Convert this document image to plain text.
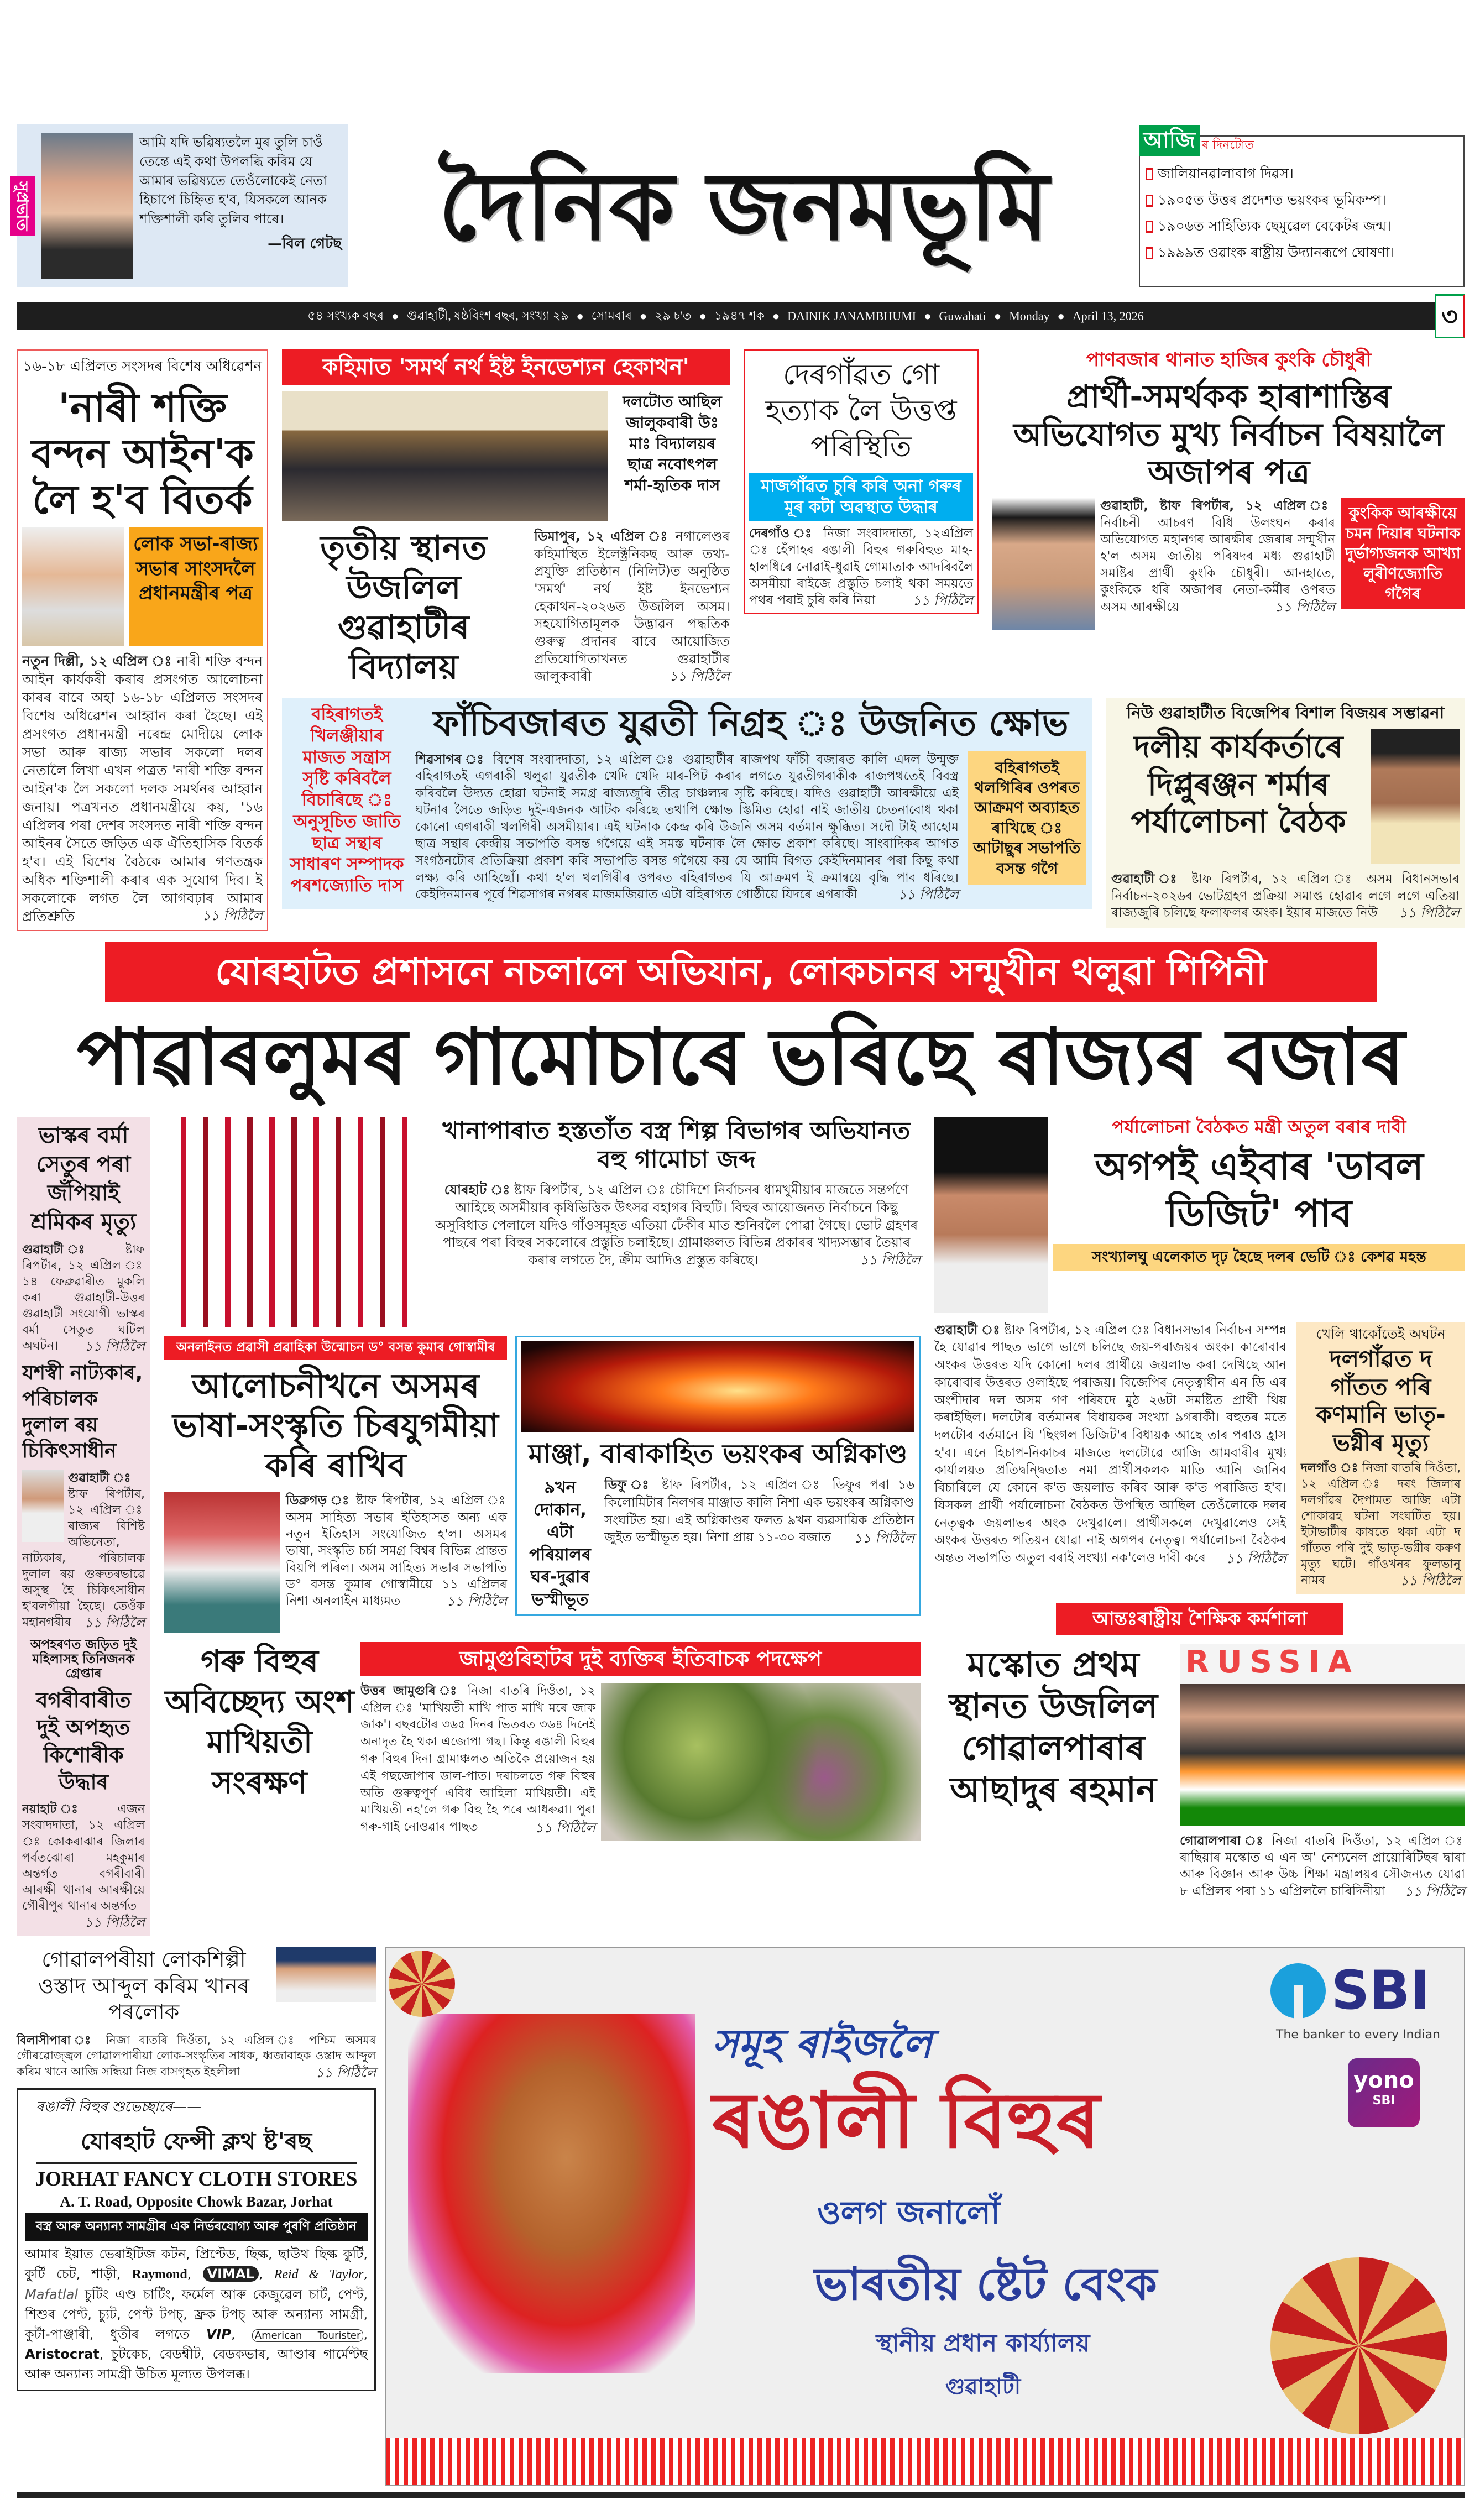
সুপ্ৰভাত
আমি যদি ভৱিষ্যতলৈ মুৰ তুলি চাওঁ তেন্তে এই কথা উপলব্ধি কৰিম যে আমাৰ ভৱিষ্যতে তেওঁলোকেই নেতা হিচাপে চিহ্নিত হ'ব, যিসকলে আনক শক্তিশালী কৰি তুলিব পাৰে।
—বিল গেটছ	দৈনিক জনমভূমি
আজি ৰ দিনটোত
জালিয়ানৱালাবাগ দিৱস।
১৯০৫ত উত্তৰ প্ৰদেশত ভয়ংকৰ ভূমিকম্প।
১৯০৬ত সাহিত্যিক ছেমুৱেল বেকেটৰ জন্ম।
১৯৯৯ত ওৱাংক ৰাষ্ট্ৰীয় উদ্যানৰূপে ঘোষণা।
৫৪ সংখ্যক বছৰ ● গুৱাহাটী, ষষ্ঠবিংশ বছৰ, সংখ্যা ২৯ ● সোমবাৰ ● ২৯ চ'ত ● ১৯৪৭ শক ● DAINIK JANAMBHUMI ● Guwahati ● Monday ● April 13, 2026	৩
১৬-১৮ এপ্ৰিলত সংসদৰ বিশেষ অধিৱেশন
'নাৰী শক্তি বন্দন আইন'ক লৈ হ'ব বিতৰ্ক
লোক সভা-ৰাজ্য সভাৰ সাংসদলৈ প্ৰধানমন্ত্ৰীৰ পত্ৰ
নতুন দিল্লী, ১২ এপ্ৰিল ঃ নাৰী শক্তি বন্দন আইন কাৰ্যকৰী কৰাৰ প্ৰসংগত আলোচনা কাৰৰ বাবে অহা ১৬-১৮ এপ্ৰিলত সংসদৰ বিশেষ অধিৱেশন আহ্বান কৰা হৈছে। এই প্ৰসংগত প্ৰধানমন্ত্ৰী নৰেন্দ্ৰ মোদীয়ে লোক সভা আৰু ৰাজ্য সভাৰ সকলো দলৰ নেতালৈ লিখা এখন পত্ৰত 'নাৰী শক্তি বন্দন আইন'ক লৈ সকলো দলক সমৰ্থনৰ আহ্বান জনায়। পত্ৰখনত প্ৰধানমন্ত্ৰীয়ে কয়, '১৬ এপ্ৰিলৰ পৰা দেশৰ সংসদত নাৰী শক্তি বন্দন আইনৰ সৈতে জড়িত এক ঐতিহাসিক বিতৰ্ক হ'ব। এই বিশেষ বৈঠকে আমাৰ গণতন্ত্ৰক অধিক শক্তিশালী কৰাৰ এক সুযোগ দিব। ই সকলোকে লগত লৈ আগবঢ়াৰ আমাৰ প্ৰতিশ্ৰুতি	১১ পিঠিলৈ
কহিমাত 'সমৰ্থ নৰ্থ ইষ্ট ইনভেশ্যন হেকাথন'
দলটোত আছিল জালুকবাৰী উঃ মাঃ বিদ্যালয়ৰ ছাত্ৰ নবোৎপল শৰ্মা-হৃতিক দাস
তৃতীয় স্থানত উজলিল গুৱাহাটীৰ বিদ্যালয়
ডিমাপুৰ, ১২ এপ্ৰিল ঃ নগালেণ্ডৰ কহিমাস্থিত ইলেক্ট্ৰনিকছ আৰু তথ্য-প্ৰযুক্তি প্ৰতিষ্ঠান (নিলিট)ত অনুষ্ঠিত 'সমৰ্থ' নৰ্থ ইষ্ট ইনভেশ্যন হেকাথন-২০২৬ত উজলিল অসম। সহযোগিতামূলক উদ্ভাৱন পদ্ধতিক গুৰুত্ব প্ৰদানৰ বাবে আয়োজিত প্ৰতিযোগিতাখনত গুৱাহাটীৰ জালুকবাৰী	১১ পিঠিলৈ
দেৰগাঁৱত গো হত্যাক লৈ উত্তপ্ত পৰিস্থিতি
মাজগাঁৱত চুৰি কৰি অনা গৰুৰ মূৰ কটা অৱস্থাত উদ্ধাৰ
দেৰগাঁও ঃ নিজা সংবাদদাতা, ১২এপ্ৰিল ঃ হেঁপাহৰ ৰঙালী বিহুৰ গৰুবিহুত মাহ-হালধিৰে নোৱাই-ধুৱাই গোমাতাক আদৰিবলৈ অসমীয়া ৰাইজে প্ৰস্তুতি চলাই থকা সময়তে পথৰ পৰাই চুৰি কৰি নিয়া	১১ পিঠিলৈ
পাণবজাৰ থানাত হাজিৰ কুংকি চৌধুৰী
প্ৰাৰ্থী-সমৰ্থকক হাৰাশাস্তিৰ অভিযোগত মুখ্য নিৰ্বাচন বিষয়ালৈ অজাপৰ পত্ৰ
গুৱাহাটী, ষ্টাফ ৰিপৰ্টাৰ, ১২ এপ্ৰিল ঃ নিৰ্বাচনী আচৰণ বিধি উলংঘন কৰাৰ অভিযোগত মহানগৰ আৰক্ষীৰ জেৰাৰ সন্মুখীন হ'ল অসম জাতীয় পৰিষদৰ মধ্য গুৱাহাটী সমষ্টিৰ প্ৰাৰ্থী কুংকি চৌধুৰী। আনহাতে, কুংকিকে ধৰি অজাপৰ নেতা-কৰ্মীৰ ওপৰত অসম আৰক্ষীয়ে	১১ পিঠিলৈ
কুংকিক আৰক্ষীয়ে চমন দিয়াৰ ঘটনাক দুৰ্ভাগ্যজনক আখ্যা লুৰীণজ্যোতি গগৈৰ
বহিৰাগতই খিলঞ্জীয়াৰ মাজত সন্ত্ৰাস সৃষ্টি কৰিবলৈ বিচাৰিছে ঃ অনুসূচিত জাতি ছাত্ৰ সন্থাৰ সাধাৰণ সম্পাদক পৰশজ্যোতি দাস
ফাঁচিবজাৰত যুৱতী নিগ্ৰহ ঃ উজনিত ক্ষোভ
শিৱসাগৰ ঃ বিশেষ সংবাদদাতা, ১২ এপ্ৰিল ঃ গুৱাহাটীৰ ৰাজপথ ফাঁচী বজাৰত কালি এদল উন্মুক্ত বহিৰাগতই এগৰাকী থলুৱা যুৱতীক খেদি খেদি মাৰ-পিট কৰাৰ লগতে যুৱতীগৰাকীক ৰাজপথতেই বিবস্ত্ৰ কৰিবলৈ উদ্যত হোৱা ঘটনাই সমগ্ৰ ৰাজ্যজুৰি তীব্ৰ চাঞ্চল্যৰ সৃষ্টি কৰিছে। যদিও গুৱাহাটী আৰক্ষীয়ে এই ঘটনাৰ সৈতে জড়িত দুই-এজনক আটক কৰিছে তথাপি ক্ষোভ স্তিমিত হোৱা নাই জাতীয় চেতনাবোধ থকা কোনো এগৰাকী থলগিৰী অসমীয়াৰ। এই ঘটনাক কেন্দ্ৰ কৰি উজনি অসম বৰ্তমান ক্ষুব্ধিত। সদৌ টাই আহোম ছাত্ৰ সন্থাৰ কেন্দ্ৰীয় সভাপতি বসন্ত গগৈয়ে এই সমস্ত ঘটনাক লৈ ক্ষোভ প্ৰকাশ কৰিছে। সাংবাদিকৰ আগত সংগঠনটোৰ প্ৰতিক্ৰিয়া প্ৰকাশ কৰি সভাপতি বসন্ত গগৈয়ে কয় যে আমি বিগত কেইদিনমানৰ পৰা কিছু কথা লক্ষ্য কৰি আহিছোঁ। কথা হ'ল থলগিৰীৰ ওপৰত বহিৰাগতৰ যি আক্ৰমণ ই ক্ৰমান্বয়ে বৃদ্ধি পাব ধৰিছে। কেইদিনমানৰ পূৰ্বে শিৱসাগৰ নগৰৰ মাজমজিয়াত এটা বহিৰাগত গোষ্ঠীয়ে যিদৰে এগৰাকী	১১ পিঠিলৈ
বহিৰাগতই থলগিৰিৰ ওপৰত আক্ৰমণ অব্যাহত ৰাখিছে ঃ আটাছুৰ সভাপতি বসন্ত গগৈ
নিউ গুৱাহাটীত বিজেপিৰ বিশাল বিজয়ৰ সম্ভাৱনা
দলীয় কাৰ্যকৰ্তাৰে দিপ্লুৰঞ্জন শৰ্মাৰ পৰ্যালোচনা বৈঠক
গুৱাহাটী ঃ ষ্টাফ ৰিপৰ্টাৰ, ১২ এপ্ৰিল ঃ অসম বিধানসভাৰ নিৰ্বাচন-২০২৬ৰ ভোটগ্ৰহণ প্ৰক্ৰিয়া সমাপ্ত হোৱাৰ লগে লগে এতিয়া ৰাজ্যজুৰি চলিছে ফলাফলৰ অংক। ইয়াৰ মাজতে নিউ ১১ পিঠিলৈ
যোৰহাটত প্ৰশাসনে নচলালে অভিযান, লোকচানৰ সন্মুখীন থলুৱা শিপিনী
পাৱাৰলুমৰ গামোচাৰে ভৰিছে ৰাজ্যৰ বজাৰ
ভাস্কৰ বৰ্মা সেতুৰ পৰা জঁপিয়াই শ্ৰমিকৰ মৃত্যু
গুৱাহাটী ঃ ষ্টাফ ৰিপৰ্টাৰ, ১২ এপ্ৰিল ঃ ১৪ ফেব্ৰুৱাৰীত মুকলি কৰা গুৱাহাটী-উত্তৰ গুৱাহাটী সংযোগী ভাস্কৰ বৰ্মা সেতুত ঘটিল অঘটন। ১১ পিঠিলৈ
যশস্বী নাট্যকাৰ, পৰিচালক দুলাল ৰয় চিকিৎসাধীন
গুৱাহাটী ঃ ষ্টাফ ৰিপৰ্টাৰ, ১২ এপ্ৰিল ঃ ৰাজ্যৰ বিশিষ্ট অভিনেতা, নাট্যকাৰ, পৰিচালক দুলাল ৰয় গুৰুতৰভাৱে অসুস্থ হৈ চিকিৎসাধীন হ'বলগীয়া হৈছে। তেওঁক মহানগৰীৰ ১১ পিঠিলৈ
অপহৰণত জড়িত দুই মহিলাসহ তিনিজনক গ্ৰেপ্তাৰ
বগৰীবাৰীত দুই অপহৃত কিশোৰীক উদ্ধাৰ
নয়াহাট ঃ এজন সংবাদদাতা, ১২ এপ্ৰিল ঃ কোকৰাঝাৰ জিলাৰ পৰ্বতঝোৰা মহকুমাৰ অন্তৰ্গত বগৰীবাৰী আৰক্ষী থানাৰ আৰক্ষীয়ে গৌৰীপুৰ থানাৰ অন্তৰ্গত
১১ পিঠিলৈ
খানাপাৰাত হস্ততাঁত বস্ত্ৰ শিল্প বিভাগৰ অভিযানত বহু গামোচা জব্দ
যোৰহাট ঃ ষ্টাফ ৰিপৰ্টাৰ, ১২ এপ্ৰিল ঃ চৌদিশে নিৰ্বাচনৰ ধামখুমীয়াৰ মাজতে সন্তৰ্পণে আহিছে অসমীয়াৰ কৃষিভিত্তিক উৎসৱ বহাগৰ বিহুটি। বিহুৰ আয়োজনত নিৰ্বাচনে কিছু অসুবিধাত পেলালে যদিও গাঁওসমূহত এতিয়া ঢেঁকীৰ মাত শুনিবলৈ পোৱা গৈছে। ভোট গ্ৰহণৰ পাছৰে পৰা বিহুৰ সকলোৰে প্ৰস্তুতি চলাইছে। গ্ৰামাঞ্চলত বিভিন্ন প্ৰকাৰৰ খাদ্যসম্ভাৰ তৈয়াৰ কৰাৰ লগতে দৈ, ক্ৰীম আদিও প্ৰস্তুত কৰিছে।	১১ পিঠিলৈ
অনলাইনত প্ৰৱাসী প্ৰৱাহিকা উন্মোচন ড° বসন্ত কুমাৰ গোস্বামীৰ
আলোচনীখনে অসমৰ ভাষা-সংস্কৃতি চিৰযুগমীয়া কৰি ৰাখিব
ডিব্ৰুগড় ঃ ষ্টাফ ৰিপৰ্টাৰ, ১২ এপ্ৰিল ঃ অসম সাহিত্য সভাৰ ইতিহাসত অন্য এক নতুন ইতিহাস সংযোজিত হ'ল। অসমৰ ভাষা, সংস্কৃতি চৰ্চা সমগ্ৰ বিশ্বৰ বিভিন্ন প্ৰান্তত বিয়পি পৰিল। অসম সাহিত্য সভাৰ সভাপতি ড° বসন্ত কুমাৰ গোস্বামীয়ে ১১ এপ্ৰিলৰ নিশা অনলাইন মাধ্যমত	১১ পিঠিলৈ
মাঞ্জা, বাৰাকাহিত ভয়ংকৰ অগ্নিকাণ্ড
৯খন দোকান, এটা পৰিয়ালৰ ঘৰ-দুৱাৰ ভস্মীভূত
ডিফু ঃ ষ্টাফ ৰিপৰ্টাৰ, ১২ এপ্ৰিল ঃ ডিফুৰ পৰা ১৬ কিলোমিটাৰ নিলগৰ মাঞ্জাত কালি নিশা এক ভয়ংকৰ অগ্নিকাণ্ড সংঘটিত হয়। এই অগ্নিকাণ্ডৰ ফলত ৯খন ব্যৱসায়িক প্ৰতিষ্ঠান জুইত ভস্মীভূত হয়। নিশা প্ৰায় ১১-৩০ বজাত ১১ পিঠিলৈ
গৰু বিহুৰ অবিচ্ছেদ্য অংশ মাখিয়তী সংৰক্ষণ
জামুগুৰিহাটৰ দুই ব্যক্তিৰ ইতিবাচক পদক্ষেপ
উত্তৰ জামুগুৰি ঃ নিজা বাতৰি দিওঁতা, ১২ এপ্ৰিল ঃ 'মাখিয়তী মাখি পাত মাখি মৰে জাক জাক'। বছৰটোৰ ৩৬৫ দিনৰ ভিতৰত ৩৬৪ দিনেই অনাদৃত হৈ থকা এজোপা গছ। কিন্তু ৰঙালী বিহুৰ গৰু বিহুৰ দিনা গ্ৰামাঞ্চলত অতিকৈ প্ৰয়োজন হয় এই গছজোপাৰ ডাল-পাত। দৰাচলতে গৰু বিহুৰ অতি গুৰুত্বপূৰ্ণ এবিধ আহিলা মাখিয়তী। এই মাখিয়তী নহ'লে গৰু বিহু হৈ পৰে আধৰুৱা। পুৰা গৰু-গাই নোওৱাৰ পাছত	১১ পিঠিলৈ
পৰ্যালোচনা বৈঠকত মন্ত্ৰী অতুল বৰাৰ দাবী
অগপই এইবাৰ 'ডাবল ডিজিট' পাব
সংখ্যালঘু এলেকাত দৃঢ় হৈছে দলৰ ভেটি ঃ কেশৱ মহন্ত
গুৱাহাটী ঃ ষ্টাফ ৰিপৰ্টাৰ, ১২ এপ্ৰিল ঃ বিধানসভাৰ নিৰ্বাচন সম্পন্ন হৈ যোৱাৰ পাছত ভাগে ভাগে চলিছে জয়-পৰাজয়ৰ অংক। কাৰোবাৰ অংকৰ উত্তৰত যদি কোনো দলৰ প্ৰাৰ্থীয়ে জয়লাভ কৰা দেখিছে আন কাৰোবাৰ উত্তৰত ওলাইছে পৰাজয়। বিজেপিৰ নেতৃত্বাধীন এন ডি এৰ অংশীদাৰ দল অসম গণ পৰিষদে মুঠ ২৬টা সমষ্টিত প্ৰাৰ্থী থিয় কৰাইছিল। দলটোৰ বৰ্তমানৰ বিধায়কৰ সংখ্যা ৯গৰাকী। বহুতৰ মতে দলটোৰ বৰ্তমানে যি 'ছিংগল ডিজিট'ৰ বিধায়ক আছে তাৰ পৰাও হ্ৰাস হ'ব। এনে হিচাপ-নিকাচৰ মাজতে দলটোৱে আজি আমবাৰীৰ মুখ্য কাৰ্যালয়ত প্ৰতিদ্বন্দ্বিতাত নমা প্ৰাৰ্থীসকলক মাতি আনি জানিব বিচাৰিলে যে কোনে ক'ত জয়লাভ কৰিব আৰু ক'ত পৰাজিত হ'ব। যিসকল প্ৰাৰ্থী পৰ্যালোচনা বৈঠকত উপস্থিত আছিল তেওঁলোকে দলৰ নেতৃত্বক জয়লাভৰ অংক দেখুৱালে। প্ৰাৰ্থীসকলে দেখুৱালেও সেই অংকৰ উত্তৰত পতিয়ন যোৱা নাই অগপৰ নেতৃত্ব। পৰ্যালোচনা বৈঠকৰ অন্তত সভাপতি অতুল বৰাই সংখ্যা নক'লেও দাবী কৰে ১১ পিঠিলৈ
খেলি থাকোঁতেই অঘটন
দলগাঁৱত দ গাঁতত পৰি কণমানি ভাতৃ-ভগ্নীৰ মৃত্যু
দলগাঁও ঃ নিজা বাতৰি দিওঁতা, ১২ এপ্ৰিল ঃ দৰং জিলাৰ দলগাঁৱৰ দৈপামত আজি এটা শোকাৱহ ঘটনা সংঘটিত হয়। ইটাভাটীৰ কাষতে থকা এটা দ গাঁতত পৰি দুই ভাতৃ-ভগ্নীৰ কৰুণ মৃত্যু ঘটে। গাঁওখনৰ ফুলভানু নামৰ	১১ পিঠিলৈ
আন্তঃৰাষ্ট্ৰীয় শৈক্ষিক কৰ্মশালা
মস্কোত প্ৰথম স্থানত উজলিল গোৱালপাৰাৰ আছাদুৰ ৰহমান
RUSSIA
গোৱালপাৰা ঃ নিজা বাতৰি দিওঁতা, ১২ এপ্ৰিল ঃ ৰাছিয়াৰ মস্কোত এ এন অ' নেশ্যনেল প্ৰায়োৰিটিছৰ দ্বাৰা আৰু বিজ্ঞান আৰু উচ্চ শিক্ষা মন্ত্ৰালয়ৰ সৌজন্যত যোৱা ৮ এপ্ৰিলৰ পৰা ১১ এপ্ৰিললৈ চাৰিদিনীয়া ১১ পিঠিলৈ
গোৱালপৰীয়া লোকশিল্পী ওস্তাদ আব্দুল কৰিম খানৰ পৰলোক
বিলাসীপাৰা ঃ নিজা বাতৰি দিওঁতা, ১২ এপ্ৰিল ঃ পশ্চিম অসমৰ গৌৰৱোজ্জ্বল গোৱালপাৰীয়া লোক-সংস্কৃতিৰ সাধক, ধ্বজাবাহক ওস্তাদ আব্দুল কৰিম খানে আজি সন্ধিয়া নিজ বাসগৃহত ইহলীলা	১১ পিঠিলৈ
ৰঙালী বিহুৰ শুভেচ্ছাৰে——
যোৰহাট ফেন্সী ক্লথ ষ্ট'ৰছ
JORHAT FANCY CLOTH STORES
A. T. Road, Opposite Chowk Bazar, Jorhat
বস্ত্ৰ আৰু অন্যান্য সামগ্ৰীৰ এক নিৰ্ভৰযোগ্য আৰু পুৰণি প্ৰতিষ্ঠান
আমাৰ ইয়াত ভেৰাইটিজ কটন, প্ৰিণ্টেড, ছিল্ক, ছাউথ ছিল্ক কুৰ্টি, কুৰ্টি চেট, শাড়ী, Raymond, VIMAL , Reid & Taylor, Mafatlal চুটিং এণ্ড চাৰ্টিং, ফৰ্মেল আৰু কেজুৱেল চাৰ্ট, পেণ্ট, শিশুৰ পেণ্ট, চ্যুট, পেণ্ট টপচ্, ফ্ৰক টপচ্ আৰু অন্যান্য সামগ্ৰী, কুৰ্টা-পাঞ্জাৰী, ধুতীৰ লগতে VIP, American Tourister , Aristocrat, চুটকেচ, বেডশ্বীট, বেডকভাৰ, আণ্ডাৰ গাৰ্মেণ্টছ আৰু অন্যান্য সামগ্ৰী উচিত মূল্যত উপলব্ধ।
সমূহ ৰাইজলৈ
ৰঙালী বিহুৰ
ওলগ জনালোঁ
ভাৰতীয় ষ্টেট বেংক
স্থানীয় প্ৰধান কাৰ্য্যালয়
গুৱাহাটী
SBI
The banker to every Indian
yono
SBI
